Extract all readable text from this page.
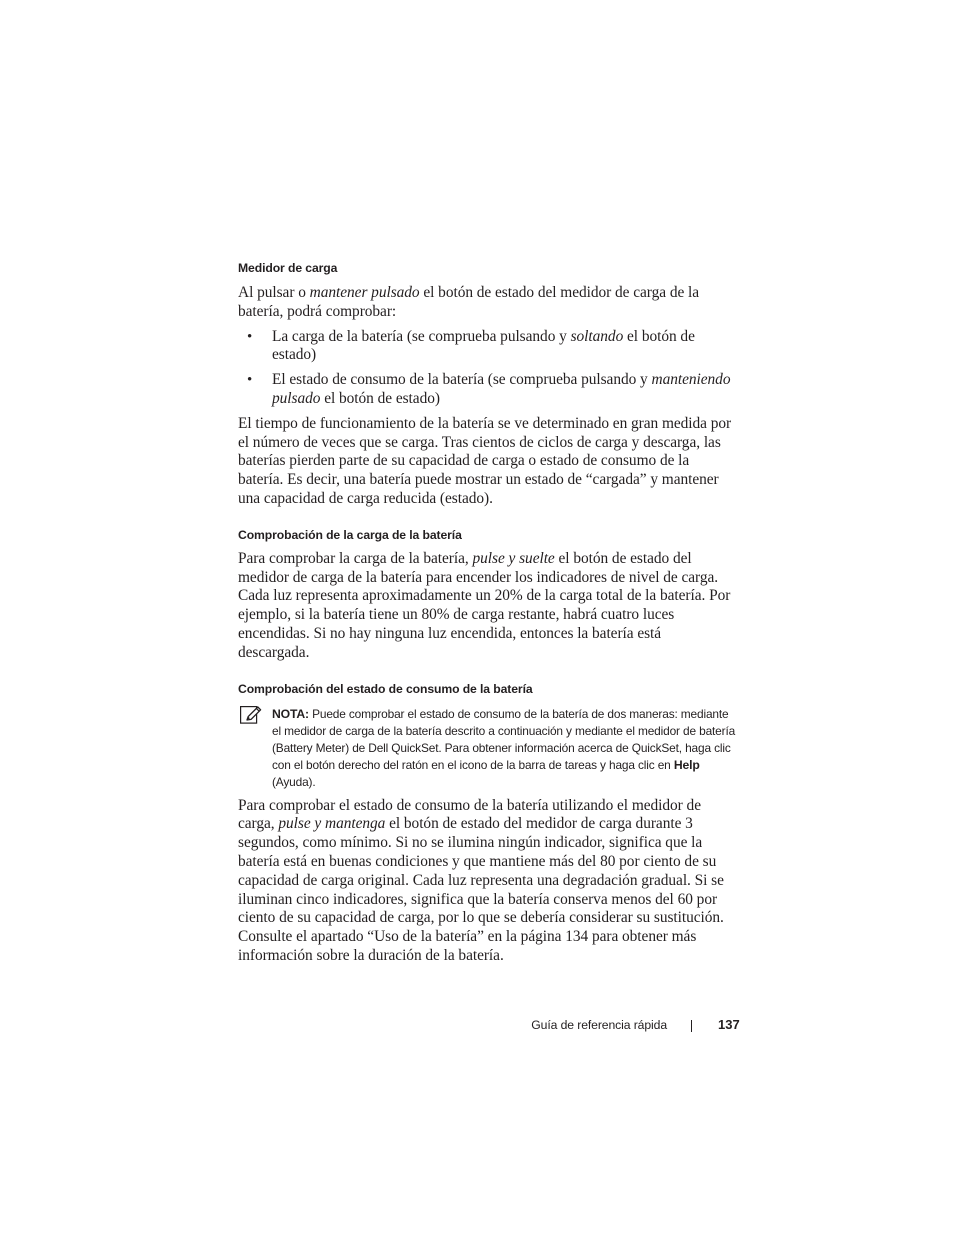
Medidor de carga

Al pulsar o mantener pulsado el botón de estado del medidor de carga de la batería, podrá comprobar:

• La carga de la batería (se comprueba pulsando y soltando el botón de estado)
• El estado de consumo de la batería (se comprueba pulsando y manteniendo pulsado el botón de estado)

El tiempo de funcionamiento de la batería se ve determinado en gran medida por el número de veces que se carga. Tras cientos de ciclos de carga y descarga, las baterías pierden parte de su capacidad de carga o estado de consumo de la batería. Es decir, una batería puede mostrar un estado de “cargada” y mantener una capacidad de carga reducida (estado).

Comprobación de la carga de la batería

Para comprobar la carga de la batería, pulse y suelte el botón de estado del medidor de carga de la batería para encender los indicadores de nivel de carga. Cada luz representa aproximadamente un 20% de la carga total de la batería. Por ejemplo, si la batería tiene un 80% de carga restante, habrá cuatro luces encendidas. Si no hay ninguna luz encendida, entonces la batería está descargada.

Comprobación del estado de consumo de la batería

NOTA: Puede comprobar el estado de consumo de la batería de dos maneras: mediante el medidor de carga de la batería descrito a continuación y mediante el medidor de batería (Battery Meter) de Dell QuickSet. Para obtener información acerca de QuickSet, haga clic con el botón derecho del ratón en el icono de la barra de tareas y haga clic en Help (Ayuda).

Para comprobar el estado de consumo de la batería utilizando el medidor de carga, pulse y mantenga el botón de estado del medidor de carga durante 3 segundos, como mínimo. Si no se ilumina ningún indicador, significa que la batería está en buenas condiciones y que mantiene más del 80 por ciento de su capacidad de carga original. Cada luz representa una degradación gradual. Si se iluminan cinco indicadores, significa que la batería conserva menos del 60 por ciento de su capacidad de carga, por lo que se debería considerar su sustitución. Consulte el apartado “Uso de la batería” en la página 134 para obtener más información sobre la duración de la batería.

Guía de referencia rápida	137
